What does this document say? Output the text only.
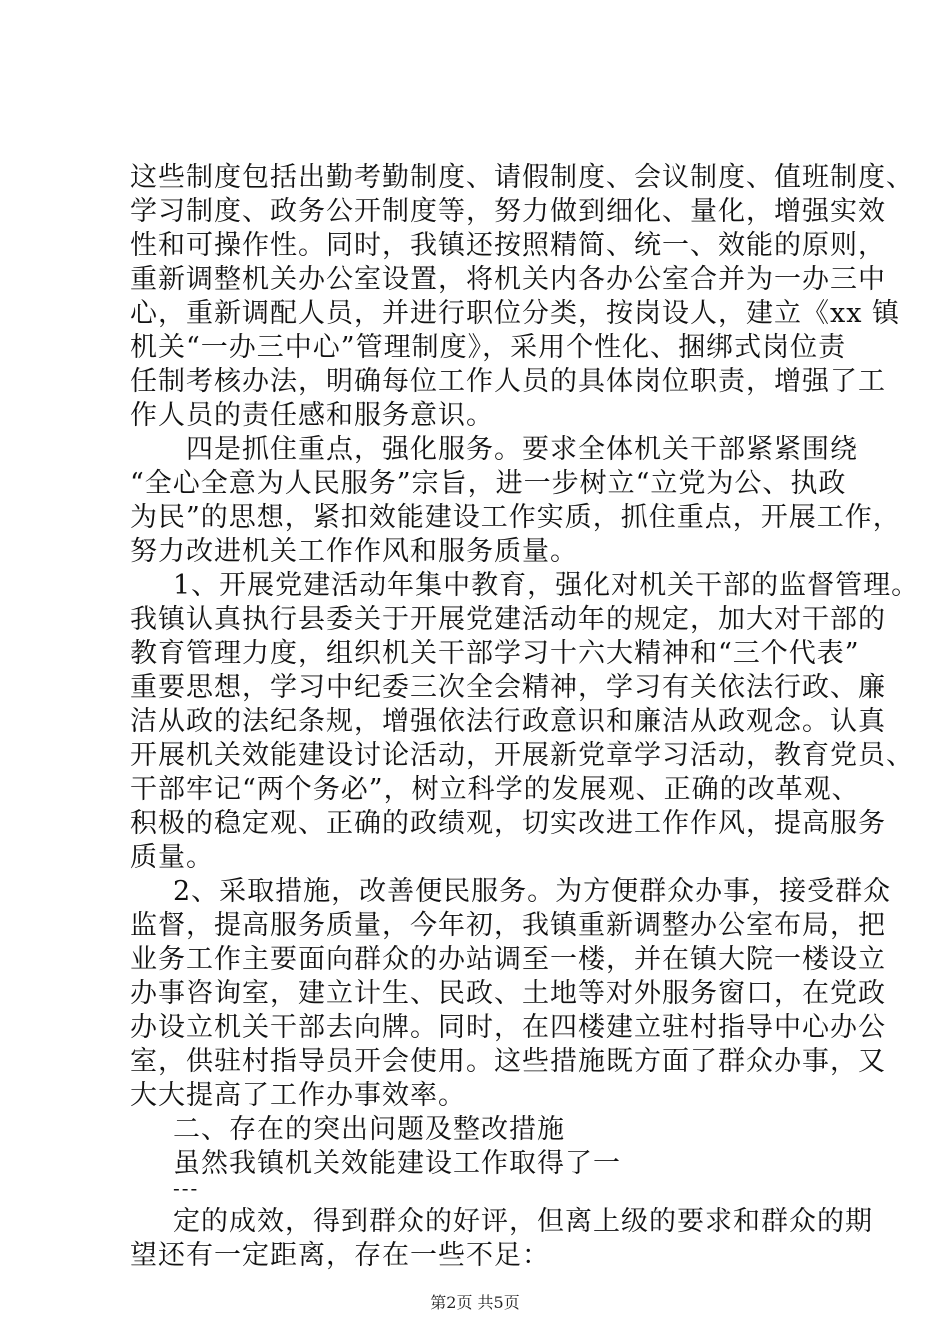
这些制度包括出勤考勤制度、请假制度、会议制度、值班制度、
学习制度、政务公开制度等，努力做到细化、量化，增强实效
性和可操作性。同时，我镇还按照精简、统一、效能的原则，
重新调整机关办公室设置，将机关内各办公室合并为一办三中
心，重新调配人员，并进行职位分类，按岗设人，建立《xx 镇
机关“一办三中心”管理制度》，采用个性化、捆绑式岗位责
任制考核办法，明确每位工作人员的具体岗位职责，增强了工
作人员的责任感和服务意识。
四是抓住重点，强化服务。要求全体机关干部紧紧围绕
“全心全意为人民服务”宗旨，进一步树立“立党为公、执政
为民”的思想，紧扣效能建设工作实质，抓住重点，开展工作，
努力改进机关工作作风和服务质量。
1、开展党建活动年集中教育，强化对机关干部的监督管理。
我镇认真执行县委关于开展党建活动年的规定，加大对干部的
教育管理力度，组织机关干部学习十六大精神和“三个代表”
重要思想，学习中纪委三次全会精神，学习有关依法行政、廉
洁从政的法纪条规，增强依法行政意识和廉洁从政观念。认真
开展机关效能建设讨论活动，开展新党章学习活动，教育党员、
干部牢记“两个务必”，树立科学的发展观、正确的改革观、
积极的稳定观、正确的政绩观，切实改进工作作风，提高服务
质量。
2、采取措施，改善便民服务。为方便群众办事，接受群众
监督，提高服务质量，今年初，我镇重新调整办公室布局，把
业务工作主要面向群众的办站调至一楼，并在镇大院一楼设立
办事咨询室，建立计生、民政、土地等对外服务窗口，在党政
办设立机关干部去向牌。同时，在四楼建立驻村指导中心办公
室，供驻村指导员开会使用。这些措施既方面了群众办事，又
大大提高了工作办事效率。
二、存在的突出问题及整改措施
虽然我镇机关效能建设工作取得了一
---
定的成效，得到群众的好评，但离上级的要求和群众的期
望还有一定距离，存在一些不足：
第2页 共5页
